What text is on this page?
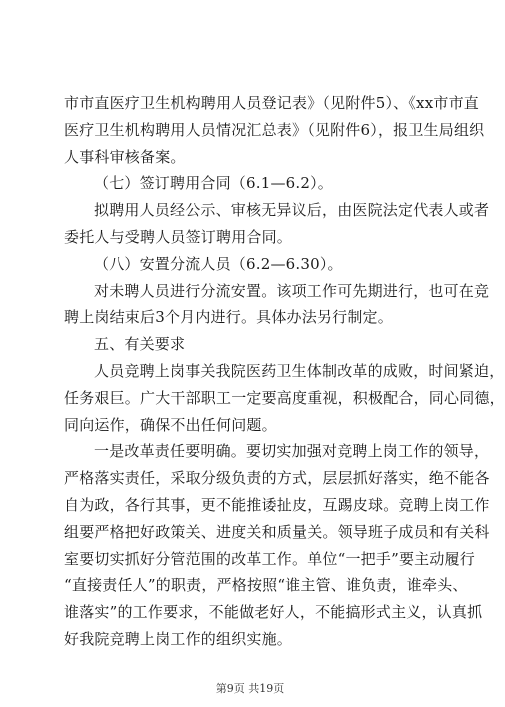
市市直医疗卫生机构聘用人员登记表》（见附件5）、《xx市市直
医疗卫生机构聘用人员情况汇总表》（见附件6），报卫生局组织
人事科审核备案。
（七）签订聘用合同（6.1—6.2）。
拟聘用人员经公示、审核无异议后，由医院法定代表人或者
委托人与受聘人员签订聘用合同。
（八）安置分流人员（6.2—6.30）。
对未聘人员进行分流安置。该项工作可先期进行，也可在竞
聘上岗结束后3个月内进行。具体办法另行制定。
五、有关要求
人员竞聘上岗事关我院医药卫生体制改革的成败，时间紧迫，
任务艰巨。广大干部职工一定要高度重视，积极配合，同心同德，
同向运作，确保不出任何问题。
一是改革责任要明确。要切实加强对竞聘上岗工作的领导，
严格落实责任，采取分级负责的方式，层层抓好落实，绝不能各
自为政，各行其事，更不能推诿扯皮，互踢皮球。竞聘上岗工作
组要严格把好政策关、进度关和质量关。领导班子成员和有关科
室要切实抓好分管范围的改革工作。单位“一把手”要主动履行
“直接责任人”的职责，严格按照“谁主管、谁负责，谁牵头、
谁落实”的工作要求，不能做老好人，不能搞形式主义，认真抓
好我院竞聘上岗工作的组织实施。
第9页 共19页
